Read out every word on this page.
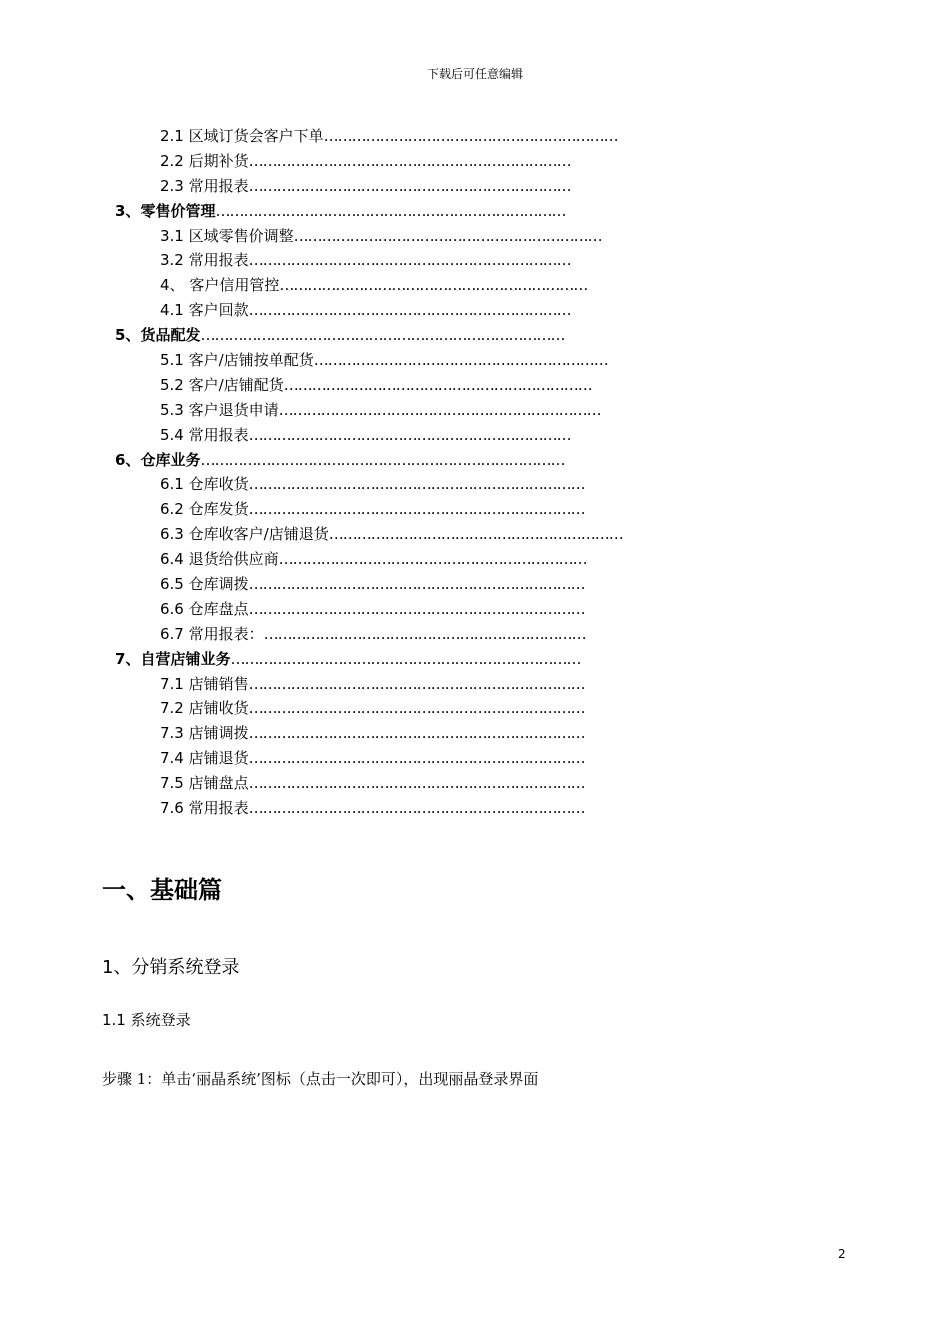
下载后可任意编辑
2.1 区域订货会客户下单………………………………………………………
2.2 后期补货……………………………………………………………
2.3 常用报表……………………………………………………………
3、零售价管理…………………………………………………………………
3.1 区域零售价调整…………………………………………………………
3.2 常用报表……………………………………………………………
4、 客户信用管控…………………………………………………………
4.1 客户回款……………………………………………………………
5、货品配发……………………………………………………………………
5.1 客户/店铺按单配货………………………………………………………
5.2 客户/店铺配货…………………………………………………………
5.3 客户退货申请……………………………………………………………
5.4 常用报表……………………………………………………………
6、仓库业务……………………………………………………………………
6.1 仓库收货………………………………………………………………
6.2 仓库发货………………………………………………………………
6.3 仓库收客户/店铺退货………………………………………………………
6.4 退货给供应商…………………………………………………………
6.5 仓库调拨………………………………………………………………
6.6 仓库盘点………………………………………………………………
6.7 常用报表：……………………………………………………………
7、自营店铺业务…………………………………………………………………
7.1 店铺销售………………………………………………………………
7.2 店铺收货………………………………………………………………
7.3 店铺调拨………………………………………………………………
7.4 店铺退货………………………………………………………………
7.5 店铺盘点………………………………………………………………
7.6 常用报表………………………………………………………………
一、基础篇
1、分销系统登录
1.1 系统登录
步骤 1：单击‘丽晶系统’图标（点击一次即可），出现丽晶登录界面
2
